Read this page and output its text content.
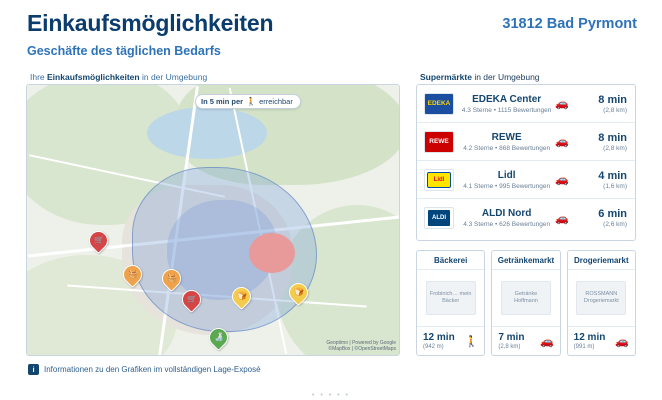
Einkaufsmöglichkeiten
Geschäfte des täglichen Bedarfs
31812 Bad Pyrmont
Ihre Einkaufsmöglichkeiten in der Umgebung
In 5 min per 🚶 erreichbar
🛒
🧺	🧺
🛒	🍞	🍞
🍶
Geoptimo | Powered by Google
©MapBox | ©OpenStreetMaps
i	Informationen zu den Grafiken im vollständigen Lage-Exposé
Supermärkte in der Umgebung
EDEKA	EDEKA Center
4.3 Sterne • 1115 Bewertungen 🚗	8 min
(2,8 km)
REWE	REWE
4.2 Sterne • 868 Bewertungen 🚗	8 min
(2,8 km)
Lidl	Lidl
4.1 Sterne • 995 Bewertungen 🚗	4 min
(1,6 km)
ALDI	ALDI Nord
4.3 Sterne • 626 Bewertungen 🚗	6 min
(2,6 km)
Bäckerei
Frobinich… mein Bäcker
12 min
(942 m)	🚶
Getränkemarkt
Getränke Hoffmann
7 min
(2,8 km)	🚗
Drogeriemarkt
ROSSMANN Drogeriemarkt
12 min
(991 m)	🚗
• • • • •
